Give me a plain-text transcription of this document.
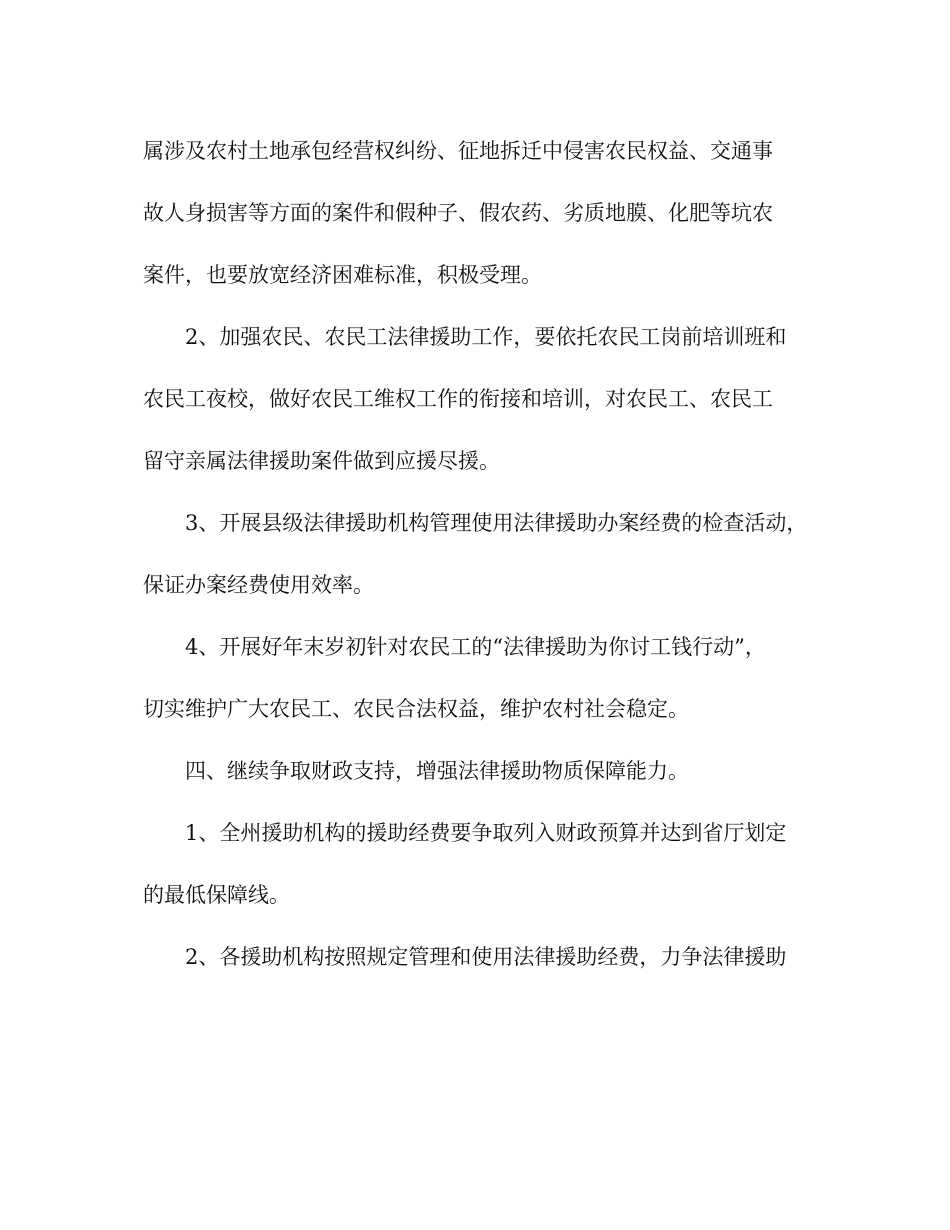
属涉及农村土地承包经营权纠纷、征地拆迁中侵害农民权益、交通事
故人身损害等方面的案件和假种子、假农药、劣质地膜、化肥等坑农
案件，也要放宽经济困难标准，积极受理。
2、加强农民、农民工法律援助工作，要依托农民工岗前培训班和
农民工夜校，做好农民工维权工作的衔接和培训，对农民工、农民工
留守亲属法律援助案件做到应援尽援。
3、开展县级法律援助机构管理使用法律援助办案经费的检查活动，
保证办案经费使用效率。
4、开展好年末岁初针对农民工的“法律援助为你讨工钱行动”，
切实维护广大农民工、农民合法权益，维护农村社会稳定。
四、继续争取财政支持，增强法律援助物质保障能力。
1、全州援助机构的援助经费要争取列入财政预算并达到省厅划定
的最低保障线。
2、各援助机构按照规定管理和使用法律援助经费，力争法律援助
